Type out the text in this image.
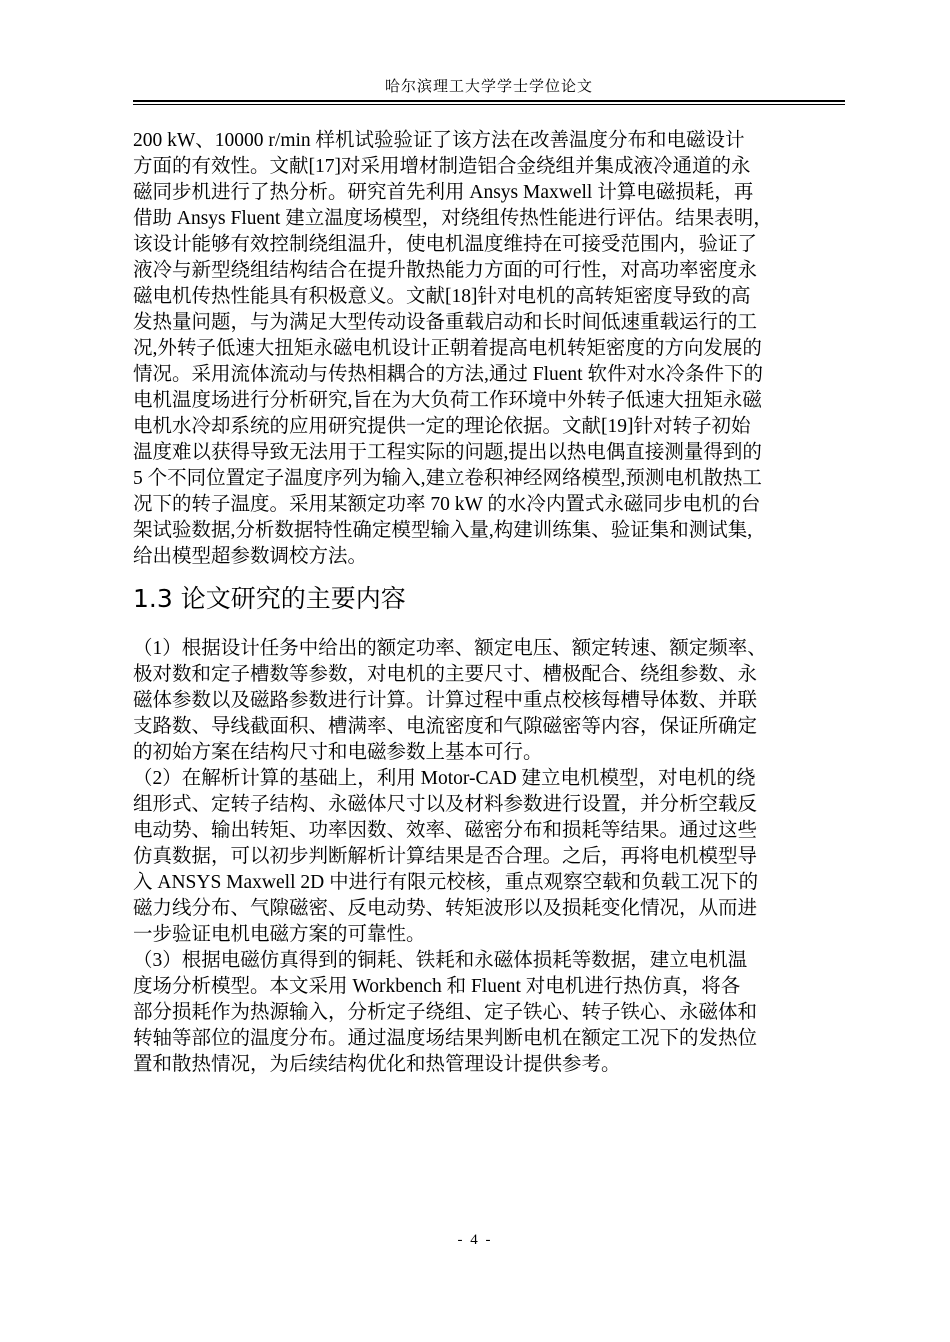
哈尔滨理工大学学士学位论文

200 kW、10000 r/min 样机试验验证了该方法在改善温度分布和电磁设计
方面的有效性。文献[17]对采用增材制造铝合金绕组并集成液冷通道的永
磁同步机进行了热分析。研究首先利用 Ansys Maxwell 计算电磁损耗，再
借助 Ansys Fluent 建立温度场模型，对绕组传热性能进行评估。结果表明，
该设计能够有效控制绕组温升，使电机温度维持在可接受范围内，验证了
液冷与新型绕组结构结合在提升散热能力方面的可行性，对高功率密度永
磁电机传热性能具有积极意义。文献[18]针对电机的高转矩密度导致的高
发热量问题，与为满足大型传动设备重载启动和长时间低速重载运行的工
况,外转子低速大扭矩永磁电机设计正朝着提高电机转矩密度的方向发展的
情况。采用流体流动与传热相耦合的方法,通过 Fluent 软件对水冷条件下的
电机温度场进行分析研究,旨在为大负荷工作环境中外转子低速大扭矩永磁
电机水冷却系统的应用研究提供一定的理论依据。文献[19]针对转子初始
温度难以获得导致无法用于工程实际的问题,提出以热电偶直接测量得到的
5 个不同位置定子温度序列为输入,建立卷积神经网络模型,预测电机散热工
况下的转子温度。采用某额定功率 70 kW 的水冷内置式永磁同步电机的台
架试验数据,分析数据特性确定模型输入量,构建训练集、验证集和测试集,
给出模型超参数调校方法。

1.3 论文研究的主要内容

（1）根据设计任务中给出的额定功率、额定电压、额定转速、额定频率、
极对数和定子槽数等参数，对电机的主要尺寸、槽极配合、绕组参数、永
磁体参数以及磁路参数进行计算。计算过程中重点校核每槽导体数、并联
支路数、导线截面积、槽满率、电流密度和气隙磁密等内容，保证所确定
的初始方案在结构尺寸和电磁参数上基本可行。

（2）在解析计算的基础上，利用 Motor-CAD 建立电机模型，对电机的绕
组形式、定转子结构、永磁体尺寸以及材料参数进行设置，并分析空载反
电动势、输出转矩、功率因数、效率、磁密分布和损耗等结果。通过这些
仿真数据，可以初步判断解析计算结果是否合理。之后，再将电机模型导
入 ANSYS Maxwell 2D 中进行有限元校核，重点观察空载和负载工况下的
磁力线分布、气隙磁密、反电动势、转矩波形以及损耗变化情况，从而进
一步验证电机电磁方案的可靠性。

（3）根据电磁仿真得到的铜耗、铁耗和永磁体损耗等数据，建立电机温
度场分析模型。本文采用 Workbench 和 Fluent 对电机进行热仿真，将各
部分损耗作为热源输入，分析定子绕组、定子铁心、转子铁心、永磁体和
转轴等部位的温度分布。通过温度场结果判断电机在额定工况下的发热位
置和散热情况，为后续结构优化和热管理设计提供参考。

- 4 -
